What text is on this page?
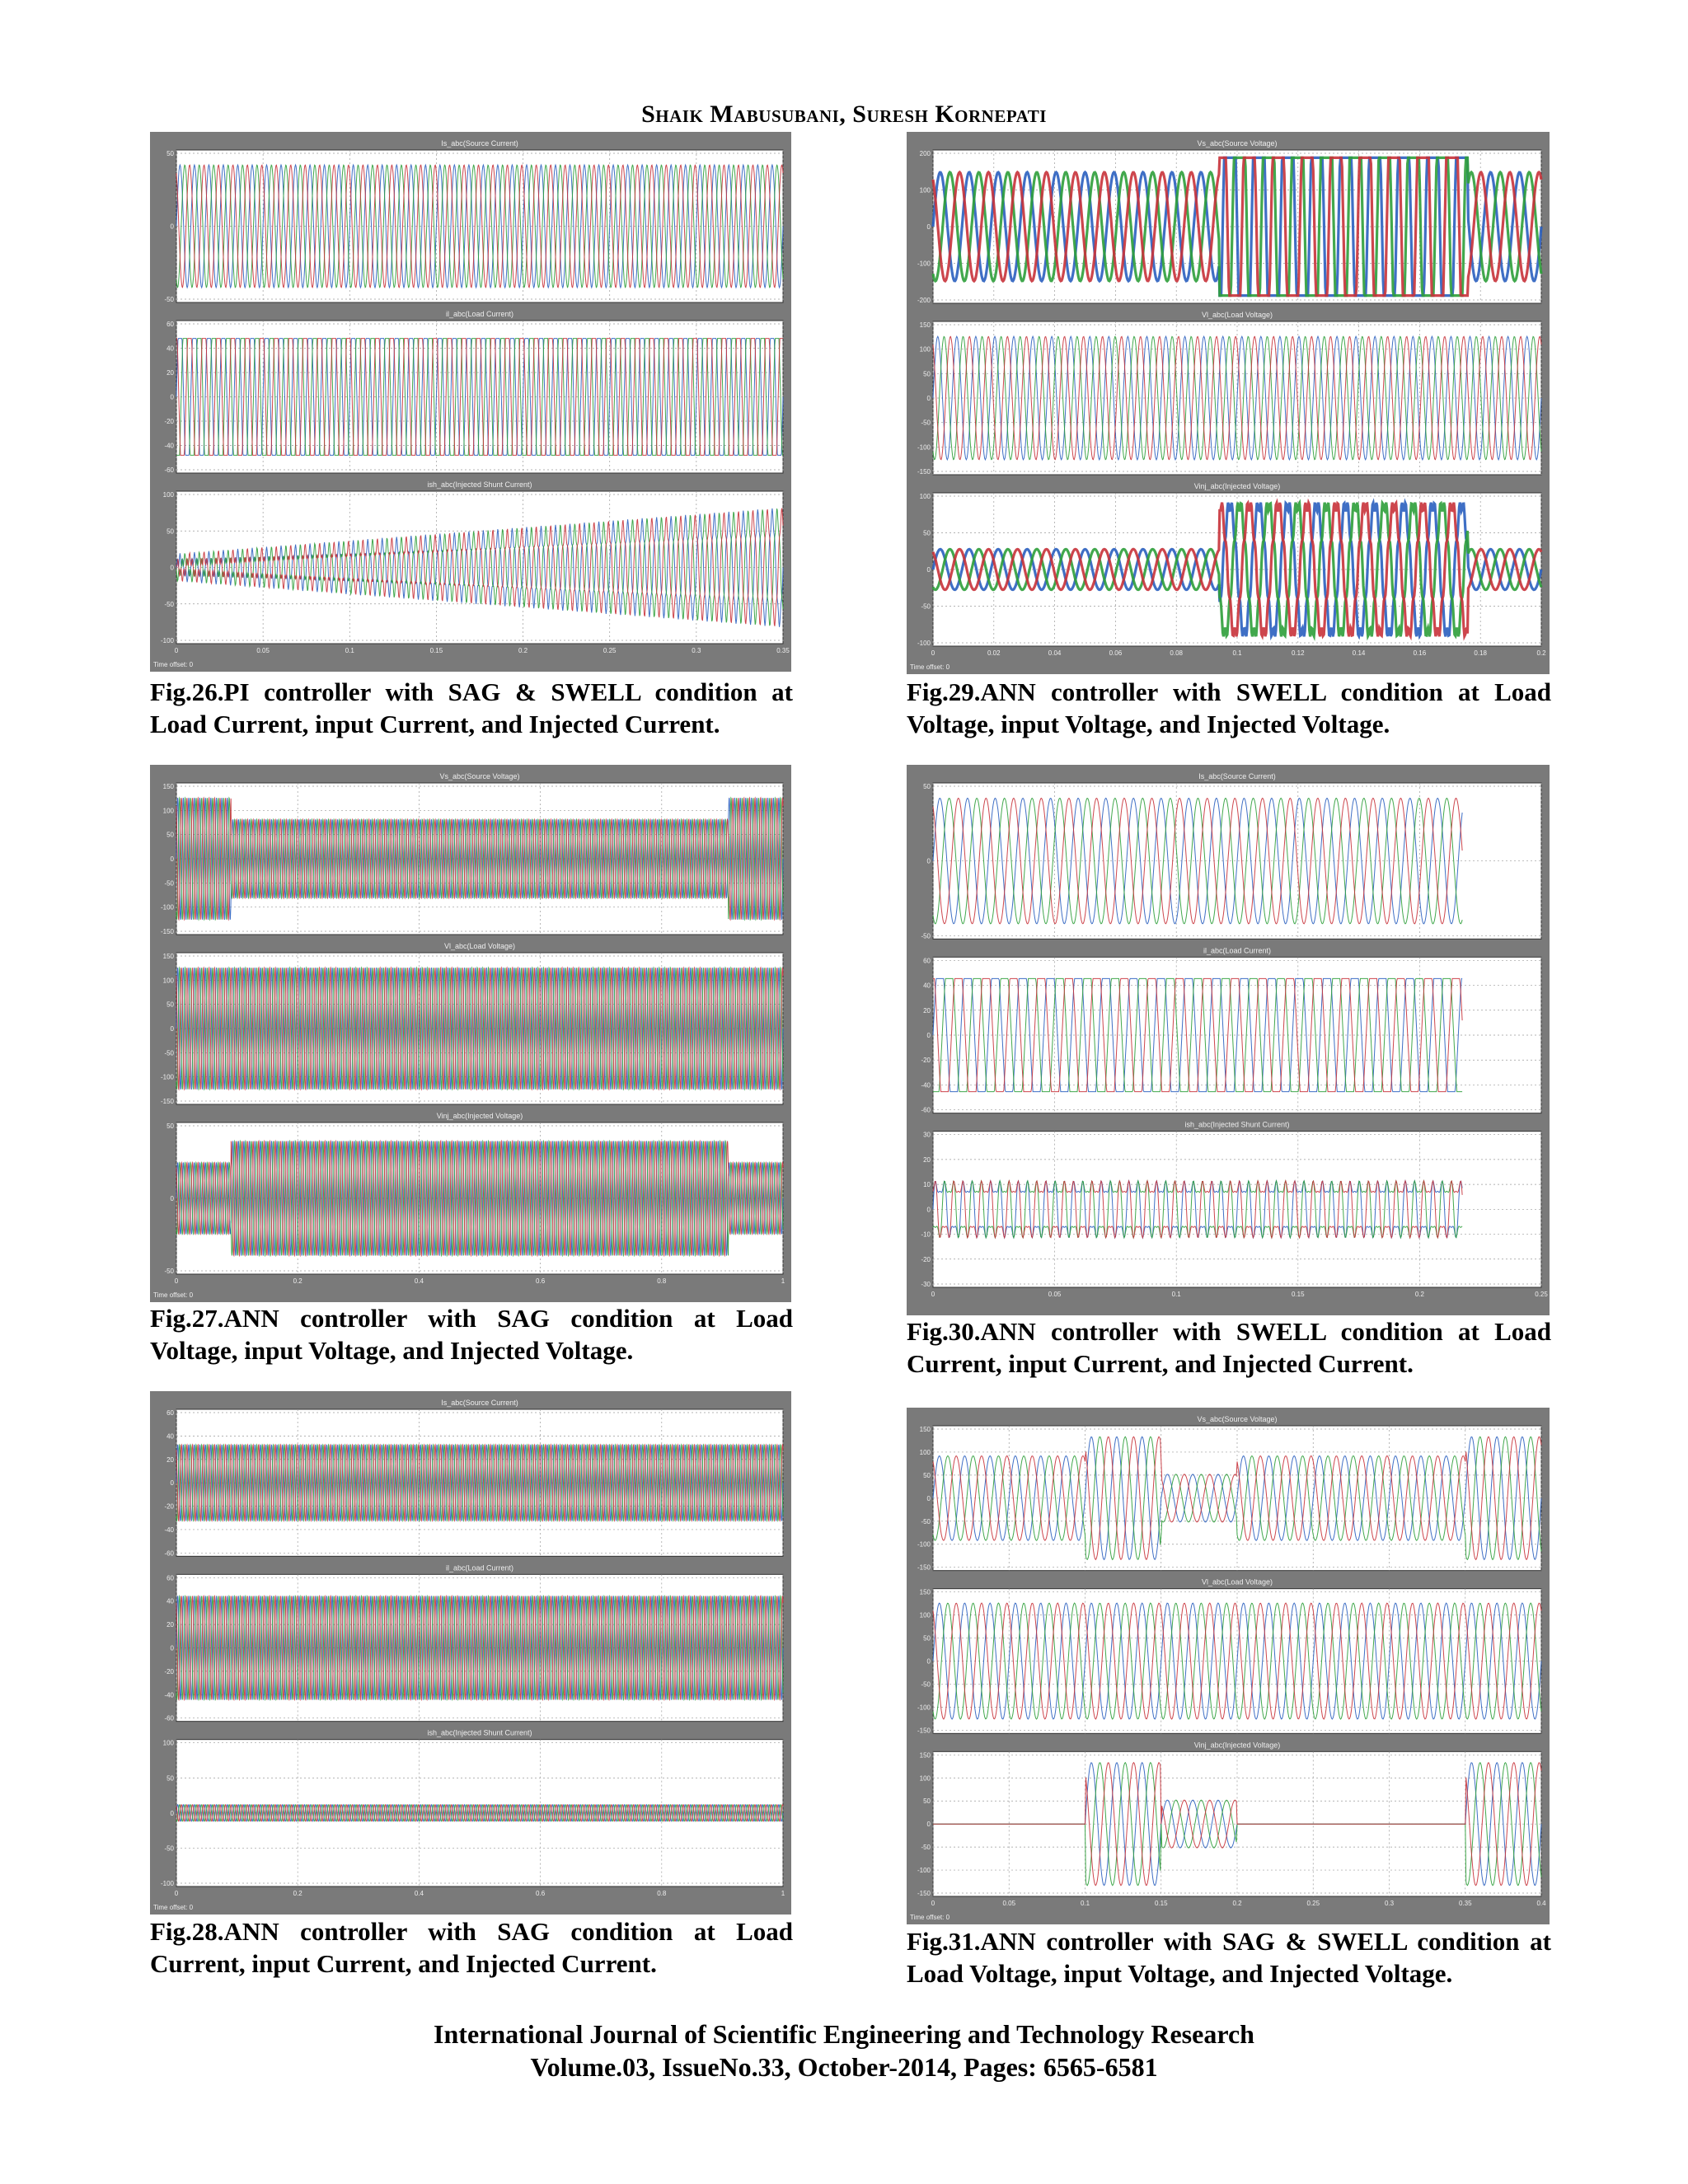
Shaik Mabusubani, Suresh Kornepati
Is_abc(Source Current)
50
0
-50
il_abc(Load Current)
60
40
20
0
-20
-40
-60
ish_abc(Injected Shunt Current)
100
50
0
-50
-100
0	0.05	0.1	0.15	0.2	0.25	0.3	0.35
Time offset: 0
Vs_abc(Source Voltage)
200
100
0
-100
-200
Vl_abc(Load Voltage)
150
100
50
0
-50
-100
-150
Vinj_abc(Injected Voltage)
100
50
0
-50
-100
0	0.02	0.04	0.06	0.08	0.1	0.12	0.14	0.16	0.18	0.2
Time offset: 0
Vs_abc(Source Voltage)
150
100
50
0
-50
-100
-150
Vl_abc(Load Voltage)
150
100
50
0
-50
-100
-150
Vinj_abc(Injected Voltage)
50
0
-50
0	0.2	0.4	0.6	0.8	1
Time offset: 0
Is_abc(Source Current)
50
0
-50
il_abc(Load Current)
60
40
20
0
-20
-40
-60
ish_abc(Injected Shunt Current)
30
20
10
0
-10
-20
-30
0	0.05	0.1	0.15	0.2	0.25
Is_abc(Source Current)
60
40
20
0
-20
-40
-60
il_abc(Load Current)
60
40
20
0
-20
-40
-60
ish_abc(Injected Shunt Current)
100
50
0
-50
-100
0	0.2	0.4	0.6	0.8	1
Time offset: 0
Vs_abc(Source Voltage)
150
100
50
0
-50
-100
-150
Vl_abc(Load Voltage)
150
100
50
0
-50
-100
-150
Vinj_abc(Injected Voltage)
150
100
50
0
-50
-100
-150
0	0.05	0.1	0.15	0.2	0.25	0.3	0.35	0.4
Time offset: 0
Fig.26.PI controller with SAG & SWELL condition at Load Current, input Current, and Injected Current.
Fig.29.ANN controller with SWELL condition at Load Voltage, input Voltage, and Injected Voltage.
Fig.27.ANN controller with SAG condition at Load Voltage, input Voltage, and Injected Voltage.
Fig.30.ANN controller with SWELL condition at Load Current, input Current, and Injected Current.
Fig.28.ANN controller with SAG condition at Load Current, input Current, and Injected Current.
Fig.31.ANN controller with SAG & SWELL condition at Load Voltage, input Voltage, and Injected Voltage.
International Journal of Scientific Engineering and Technology Research
Volume.03, IssueNo.33, October-2014, Pages: 6565-6581
